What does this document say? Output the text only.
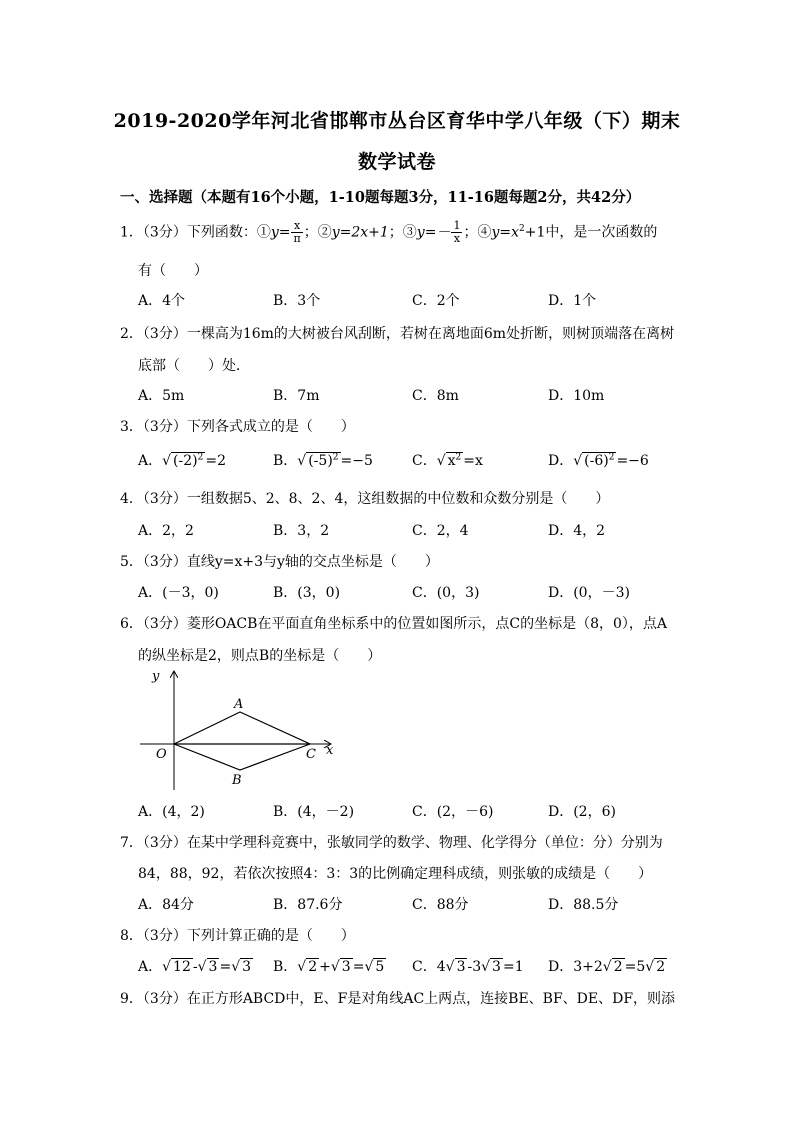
2019-2020学年河北省邯郸市丛台区育华中学八年级（下）期末
数学试卷
一、选择题（本题有16个小题，1-10题每题3分，11-16题每题2分，共42分）
1．（3分）下列函数：①y= $\frac{x}{\pi}$ ；②y=2x+1；③y=－ $\frac{1}{x}$ ；$④y=x^2+1$中，是一次函数的
有（　　）
A．4个	B．3个	C．2个	D．1个
2．（3分）一棵高为16m的大树被台风刮断，若树在离地面6m处折断，则树顶端落在离树
底部（　　）处．
A．5m	B．7m	C．8m	D．10m
3．（3分）下列各式成立的是（　　）
A．√ $(-2)^2 =2$	B．√ $(-5)^2 =-5$	C．√ $x^2 =x$	D．√ $(-6)^2 =-6$
4．（3分）一组数据5、2、8、2、4，这组数据的中位数和众数分别是（　　）
A．2，2	B．3，2	C．2，4	D．4，2
5．（3分）直线y=x+3与y轴的交点坐标是（　　）
A．(－3，0)	B．(3，0)	C．(0，3)	D．(0，－3)
6．（3分）菱形OACB在平面直角坐标系中的位置如图所示，点C的坐标是（8，0），点A
的纵坐标是2，则点B的坐标是（　　）
y
x
O
A
B
C
A．(4，2)	B．(4，－2)	C．(2，－6)	D．(2，6)
7．（3分）在某中学理科竞赛中，张敏同学的数学、物理、化学得分（单位：分）分别为
84，88，92，若依次按照4：3：3的比例确定理科成绩，则张敏的成绩是（　　）
A．84分	B．87.6分	C．88分	D．88.5分
8．（3分）下列计算正确的是（　　）
A．√ 12 -√ 3 =√ 3 B．√ 2 +√ 3 =√ 5 C．4√ 3 -3√ 3 =1 D．3+2√ 2 =5√ 2
9．（3分）在正方形ABCD中，E、F是对角线AC上两点，连接BE、BF、DE、DF，则添
